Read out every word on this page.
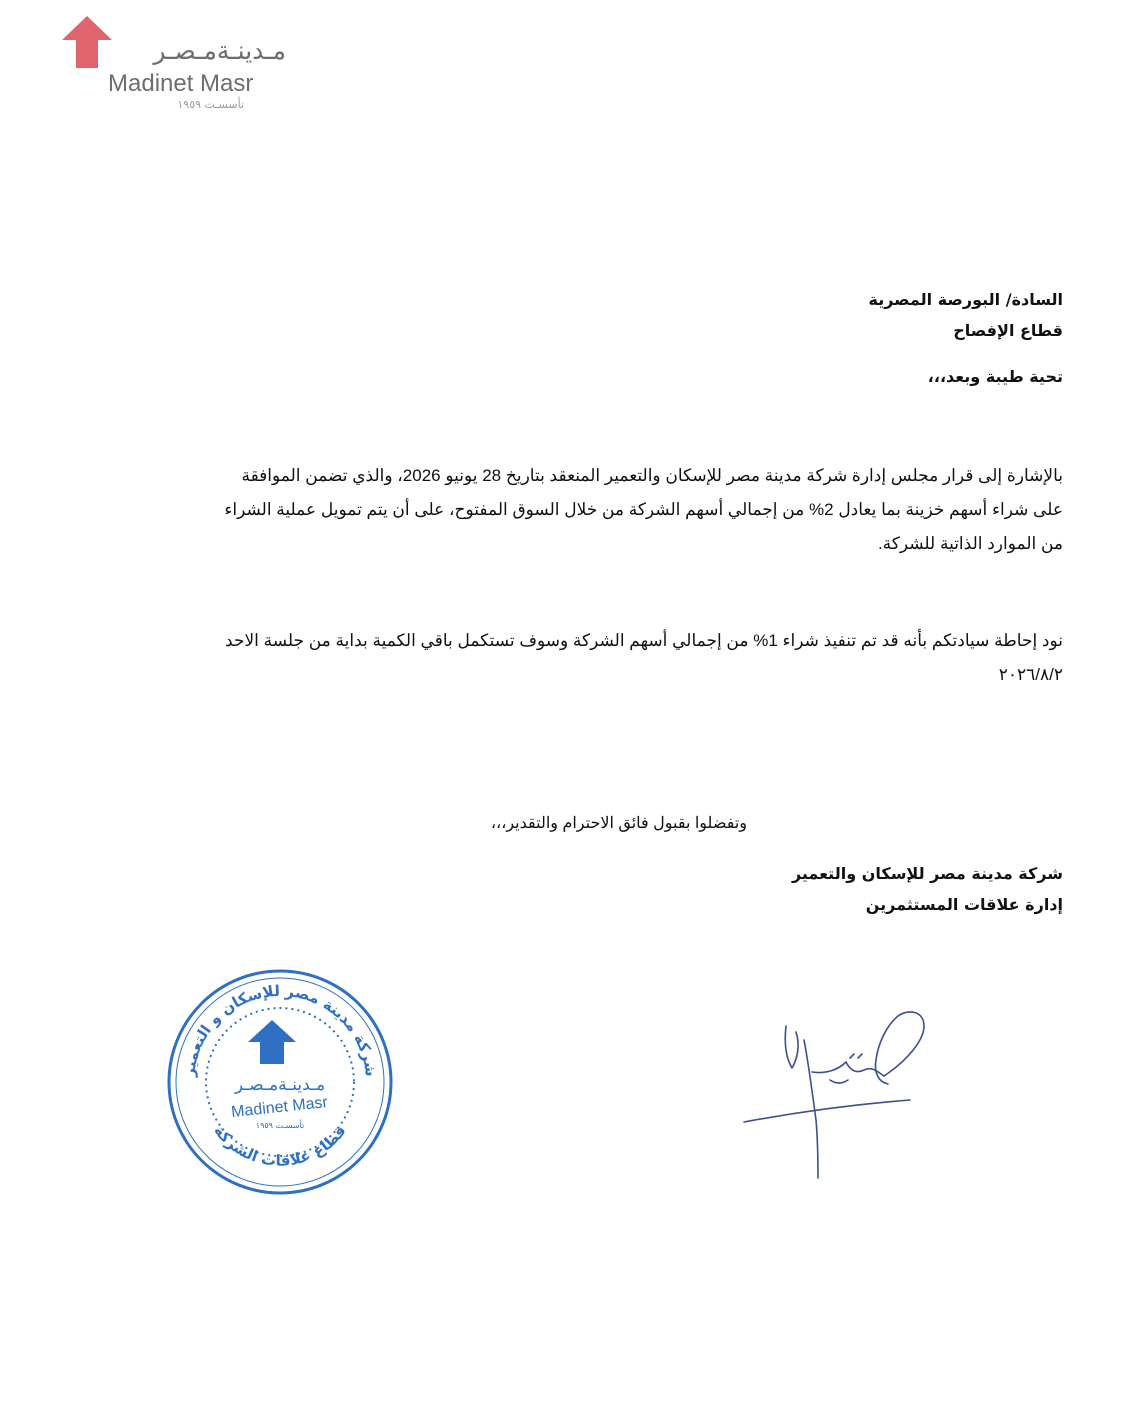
مـدينـةمـصـر
Madinet Masr
تأسسـت ١٩٥٩
السادة/ البورصة المصرية
قطاع الإفصاح
تحية طيبة وبعد،،،
بالإشارة إلى قرار مجلس إدارة شركة مدينة مصر للإسكان والتعمير المنعقد بتاريخ 28 يونيو 2026، والذي تضمن الموافقة
على شراء أسهم خزينة بما يعادل 2% من إجمالي أسهم الشركة من خلال السوق المفتوح، على أن يتم تمويل عملية الشراء
من الموارد الذاتية للشركة.
نود إحاطة سيادتكم بأنه قد تم تنفيذ شراء 1% من إجمالي أسهم الشركة وسوف تستكمل باقي الكمية بداية من جلسة الاحد
٢٠٢٦/٨/٢
وتفضلوا بقبول فائق الاحترام والتقدير،،،
شركة مدينة مصر للإسكان والتعمير
إدارة علاقات المستثمرين
شركة مدينة مصر للإسكان و التعمير
قطاع علاقات الشركة
مـدينـةمـصـر
Madinet Masr
تأسسـت ١٩٥٩
